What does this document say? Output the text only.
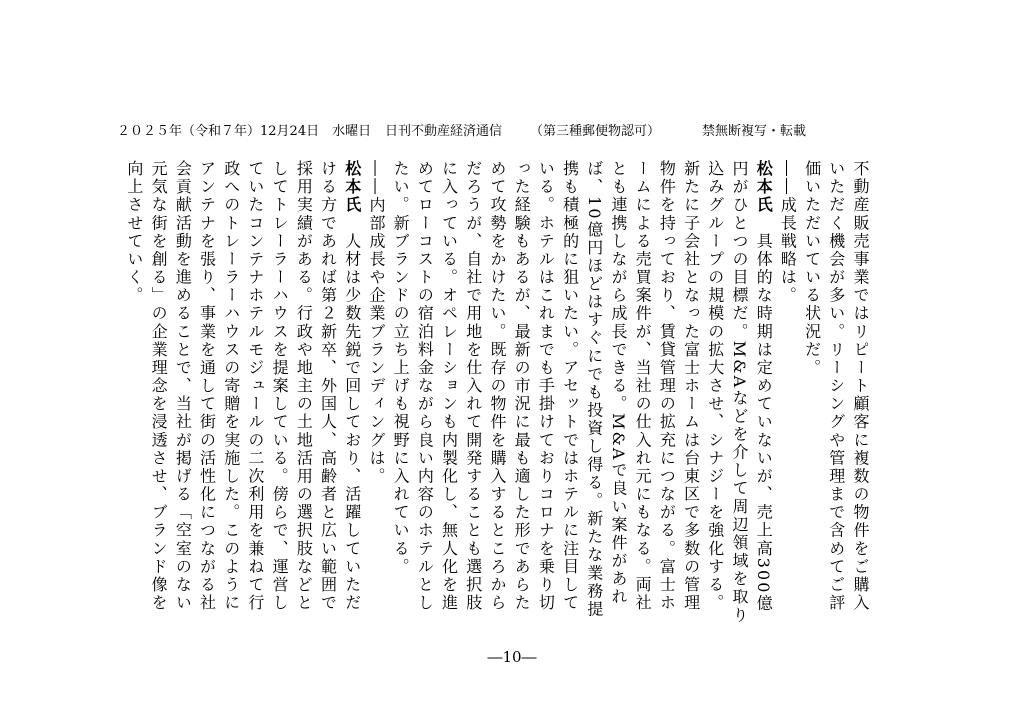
２０２５年（令和７年）12月24日　水曜日 日刊不動産経済通信 （第三種郵便物認可）	禁無断複写・転載

不動産販売事業ではリピート顧客に複数の物件をご購入いただく機会が多い。リーシングや管理まで含めてご評価いただいている状況だ。

――成長戦略は。

松本氏　具体的な時期は定めていないが、売上高300億円がひとつの目標だ。M&Aなどを介して周辺領域を取り込みグループの規模の拡大させ、シナジーを強化する。新たに子会社となった富士ホームは台東区で多数の管理物件を持っており、賃貸管理の拡充につながる。富士ホームによる売買案件が、当社の仕入れ元にもなる。両社とも連携しながら成長できる。M&Aで良い案件があれば、10億円ほどはすぐにでも投資し得る。新たな業務提携も積極的に狙いたい。アセットではホテルに注目している。ホテルはこれまでも手掛けておりコロナを乗り切った経験もあるが、最新の市況に最も適した形であらためて攻勢をかけたい。既存の物件を購入するところからだろうが、自社で用地を仕入れて開発することも選択肢に入っている。オペレーションも内製化し、無人化を進めてローコストの宿泊料金ながら良い内容のホテルとしたい。新ブランドの立ち上げも視野に入れている。

――内部成長や企業ブランディングは。

松本氏　人材は少数先鋭で回しており、活躍していただける方であれば第２新卒、外国人、高齢者と広い範囲で採用実績がある。行政や地主の土地活用の選択肢などとしてトレーラーハウスを提案している。傍らで、運営していたコンテナホテルモジュールの二次利用を兼ねて行政へのトレーラーハウスの寄贈を実施した。このようにアンテナを張り、事業を通して街の活性化につながる社会貢献活動を進めることで、当社が掲げる「空室のない元気な街を創る」の企業理念を浸透させ、ブランド像を向上させていく。

―10―
